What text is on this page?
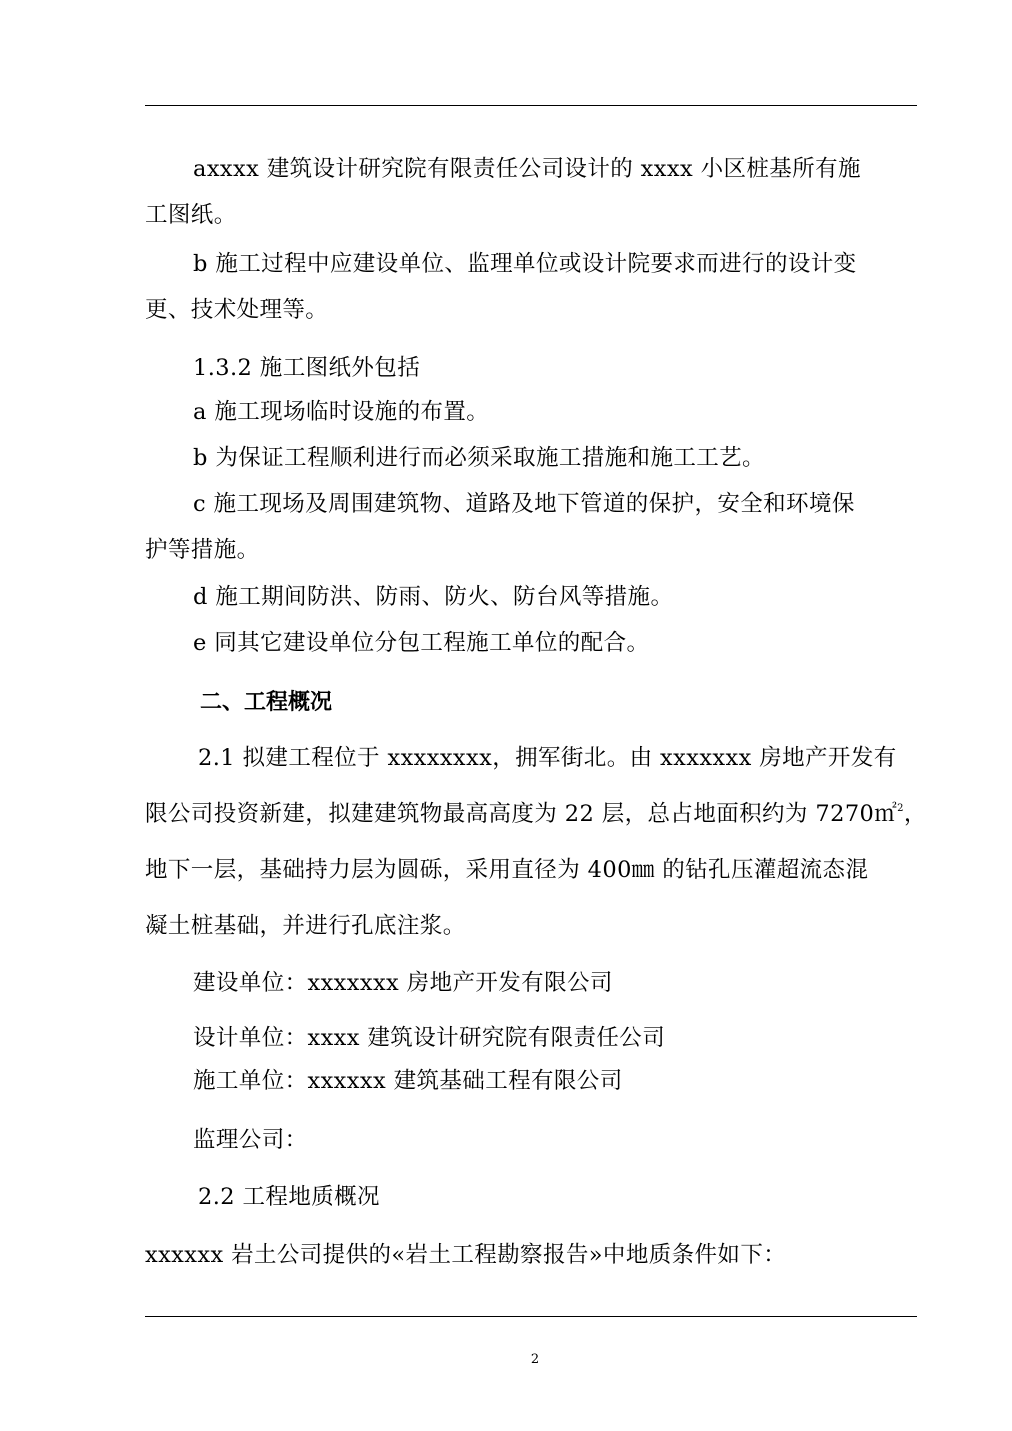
axxxx 建筑设计研究院有限责任公司设计的 xxxx 小区桩基所有施
工图纸。
b 施工过程中应建设单位、监理单位或设计院要求而进行的设计变
更、技术处理等。
1.3.2 施工图纸外包括
a 施工现场临时设施的布置。
b 为保证工程顺利进行而必须采取施工措施和施工工艺。
c 施工现场及周围建筑物、道路及地下管道的保护，安全和环境保
护等措施。
d 施工期间防洪、防雨、防火、防台风等措施。
e 同其它建设单位分包工程施工单位的配合。
二、工程概况
2.1 拟建工程位于 xxxxxxxx，拥军街北。由 xxxxxxx 房地产开发有
限公司投资新建，拟建建筑物最高高度为 22 层，总占地面积约为 7270㎡$^2$，
地下一层，基础持力层为圆砾，采用直径为 400㎜ 的钻孔压灌超流态混
凝土桩基础，并进行孔底注浆。
建设单位：xxxxxxx 房地产开发有限公司
设计单位：xxxx 建筑设计研究院有限责任公司
施工单位：xxxxxx 建筑基础工程有限公司
监理公司：
2.2 工程地质概况
xxxxxx 岩土公司提供的«岩土工程勘察报告»中地质条件如下：
2
